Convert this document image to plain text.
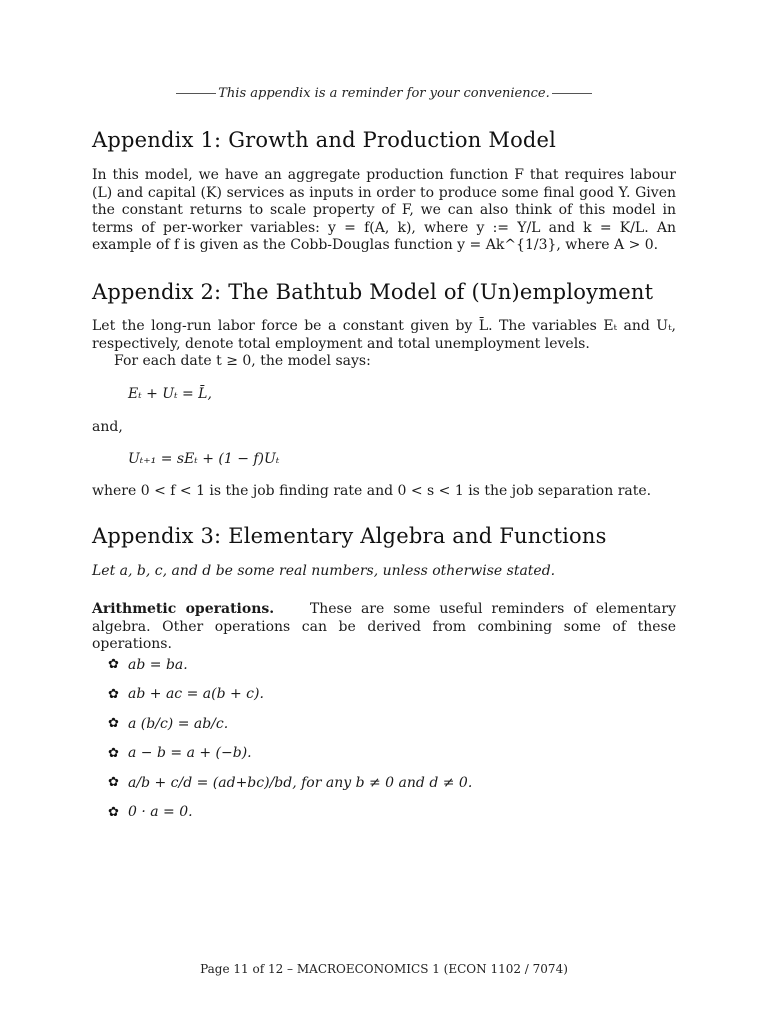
This appendix is a reminder for your convenience.
Appendix 1: Growth and Production Model
In this model, we have an aggregate production function F that requires labour (L) and capital (K) services as inputs in order to produce some final good Y. Given the constant returns to scale property of F, we can also think of this model in terms of per-worker variables: y = f(A, k), where y := Y/L and k = K/L. An example of f is given as the Cobb-Douglas function y = Ak^{1/3}, where A > 0.
Appendix 2: The Bathtub Model of (Un)employment
Let the long-run labor force be a constant given by L̄. The variables Eₜ and Uₜ, respectively, denote total employment and total unemployment levels.
For each date t ≥ 0, the model says:
Eₜ + Uₜ = L̄,
and,
Uₜ₊₁ = sEₜ + (1 − f)Uₜ
where 0 < f < 1 is the job finding rate and 0 < s < 1 is the job separation rate.
Appendix 3: Elementary Algebra and Functions
Let a, b, c, and d be some real numbers, unless otherwise stated.
Arithmetic operations.	These are some useful reminders of elementary algebra. Other operations can be derived from combining some of these operations.
✿ ab = ba.
✿ ab + ac = a(b + c).
✿ a (b/c) = ab/c.
✿ a − b = a + (−b).
✿ a/b + c/d = (ad+bc)/bd, for any b ≠ 0 and d ≠ 0.
✿ 0 · a = 0.
Page 11 of 12 – MACROECONOMICS 1 (ECON 1102 / 7074)
